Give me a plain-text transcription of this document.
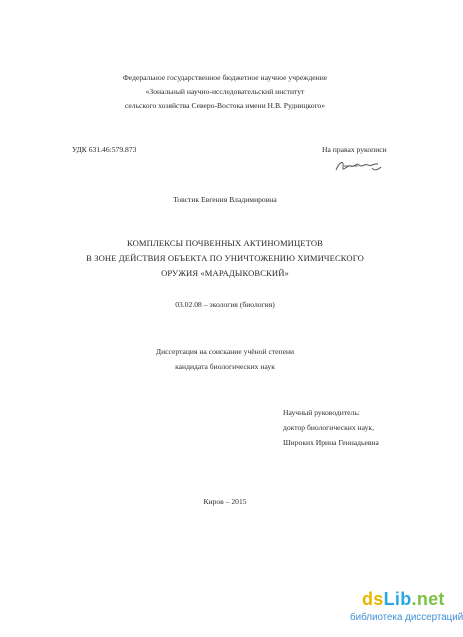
Федеральное государственное бюджетное научное учреждение
«Зональный научно-исследовательский институт
сельского хозяйства Северо-Востока имени Н.В. Рудницкого»
УДК 631.46:579.873	На правах рукописи
Товстик Евгения Владимировна
КОМПЛЕКСЫ ПОЧВЕННЫХ АКТИНОМИЦЕТОВ
В ЗОНЕ ДЕЙСТВИЯ ОБЪЕКТА ПО УНИЧТОЖЕНИЮ ХИМИЧЕСКОГО
ОРУЖИЯ «МАРАДЫКОВСКИЙ»
03.02.08 – экология (биология)
Диссертация на соискание учёной степени
кандидата биологических наук
Научный руководитель:
доктор биологических наук,
Широких Ирина Геннадьевна
Киров – 2015
dsLib.net
библиотека диссертаций
